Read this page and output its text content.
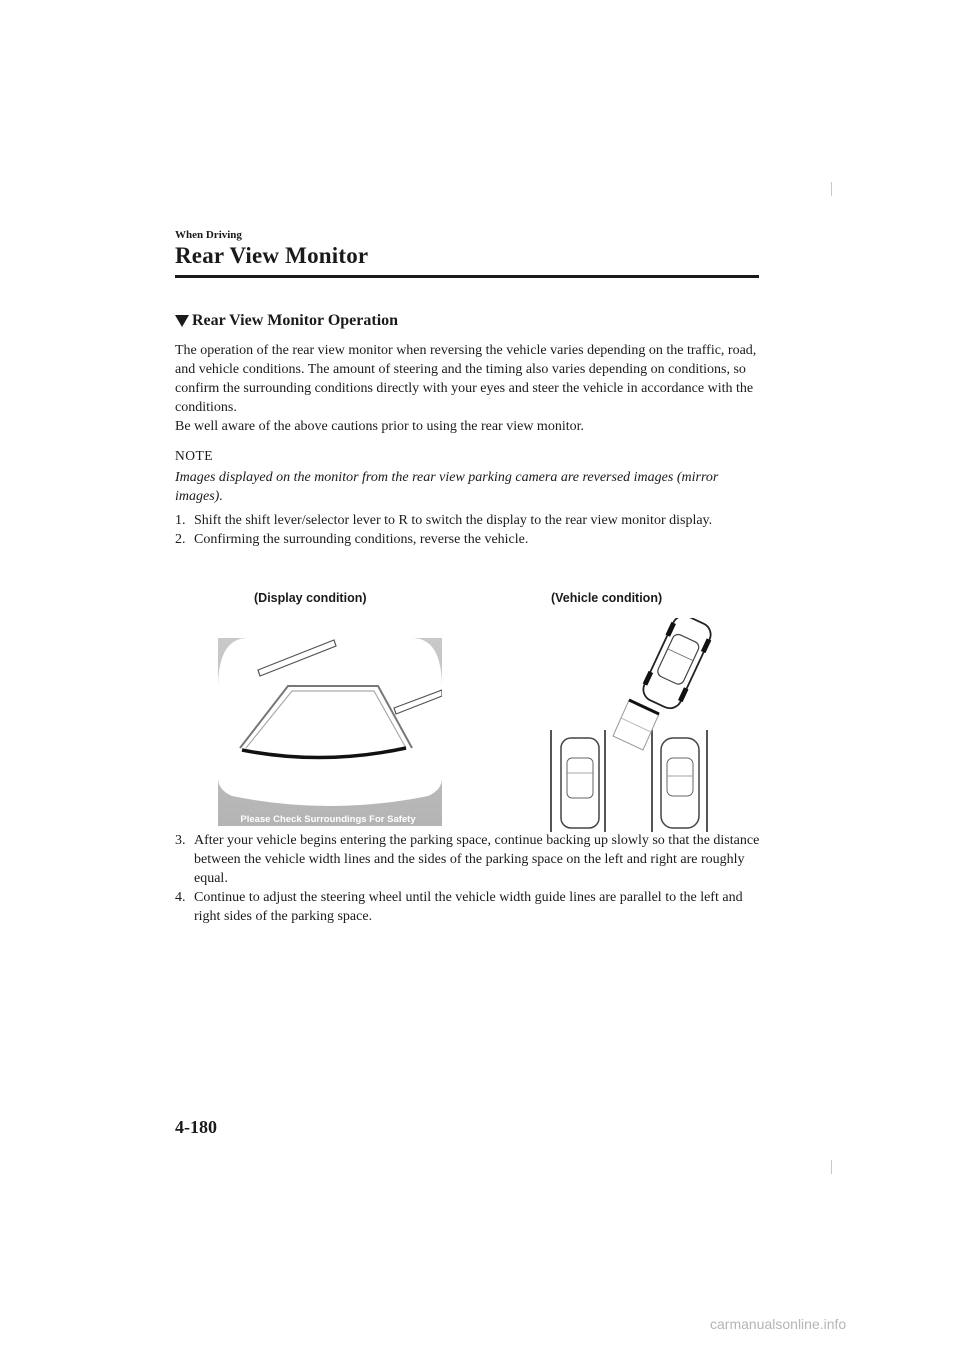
When Driving
Rear View Monitor
Rear View Monitor Operation

The operation of the rear view monitor when reversing the vehicle varies depending on the traffic, road, and vehicle conditions. The amount of steering and the timing also varies depending on conditions, so confirm the surrounding conditions directly with your eyes and steer the vehicle in accordance with the conditions.

Be well aware of the above cautions prior to using the rear view monitor.

NOTE
Images displayed on the monitor from the rear view parking camera are reversed images (mirror images).
1. Shift the shift lever/selector lever to R to switch the display to the rear view monitor display.
2. Confirming the surrounding conditions, reverse the vehicle.
(Display condition)	(Vehicle condition)
Please Check Surroundings For Safety
3. After your vehicle begins entering the parking space, continue backing up slowly so that the distance between the vehicle width lines and the sides of the parking space on the left and right are roughly equal.
4. Continue to adjust the steering wheel until the vehicle width guide lines are parallel to the left and right sides of the parking space.
4-180
carmanualsonline.info
